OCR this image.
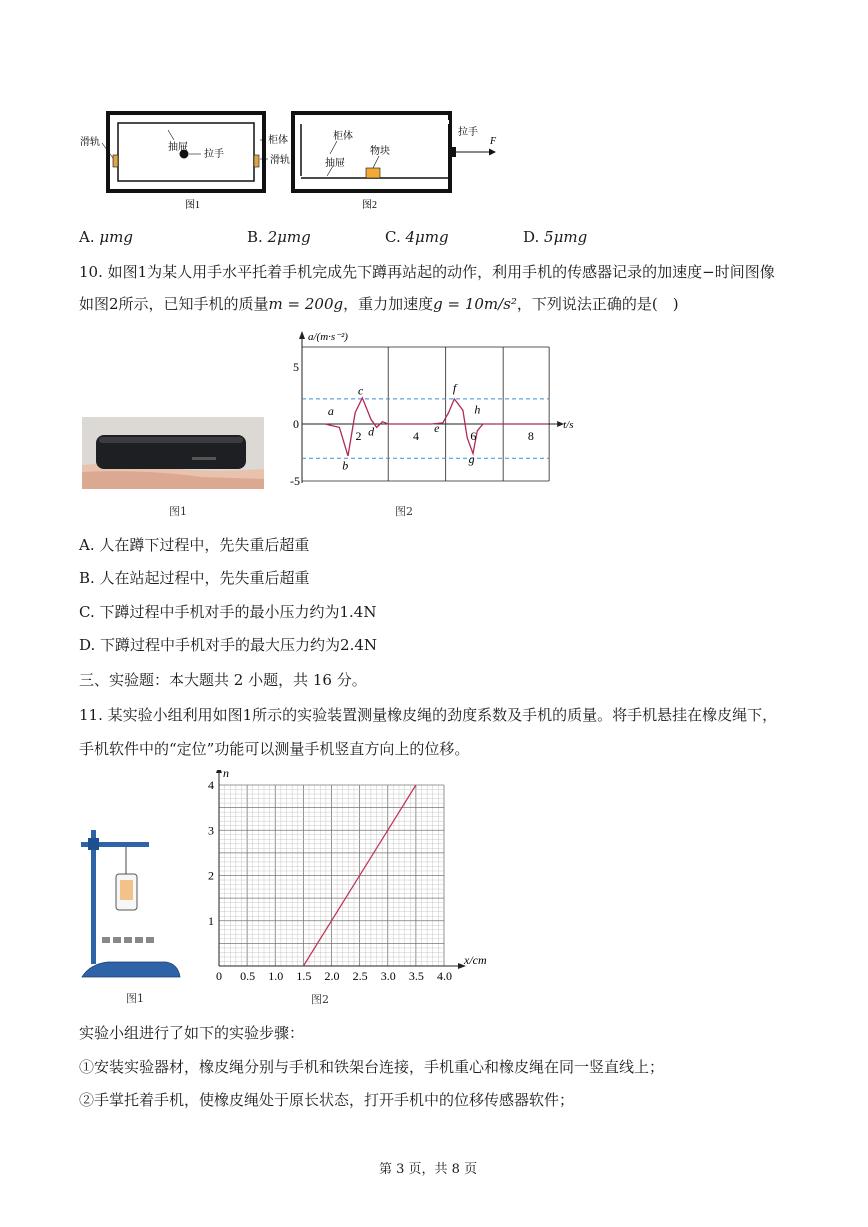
滑轨	抽屉
拉手
柜体
滑轨
图1
柜体
物块
抽屉
拉手
F
图2
A. μmg	B. 2μmg	C. 4μmg	D. 5μmg
10. 如图1为某人用手水平托着手机完成先下蹲再站起的动作，利用手机的传感器记录的加速度−时间图像
如图2所示，已知手机的质量m = 200g，重力加速度g = 10m/s²，下列说法正确的是(　)
图1
2	4	6	8
5
0
-5
a/(m·s⁻²)
t/s
a
b
c
d	e
f
g
h
图2
A. 人在蹲下过程中，先失重后超重
B. 人在站起过程中，先失重后超重
C. 下蹲过程中手机对手的最小压力约为1.4N
D. 下蹲过程中手机对手的最大压力约为2.4N
三、实验题：本大题共 2 小题，共 16 分。
11. 某实验小组利用如图1所示的实验装置测量橡皮绳的劲度系数及手机的质量。将手机悬挂在橡皮绳下，
手机软件中的“定位”功能可以测量手机竖直方向上的位移。
图1
0 0.5 1.0 1.5 2.0 2.5 3.0 3.5 4.0
1
2
3
4
n
x/cm
图2
实验小组进行了如下的实验步骤：
①安装实验器材，橡皮绳分别与手机和铁架台连接，手机重心和橡皮绳在同一竖直线上；
②手掌托着手机，使橡皮绳处于原长状态，打开手机中的位移传感器软件；
第 3 页，共 8 页
